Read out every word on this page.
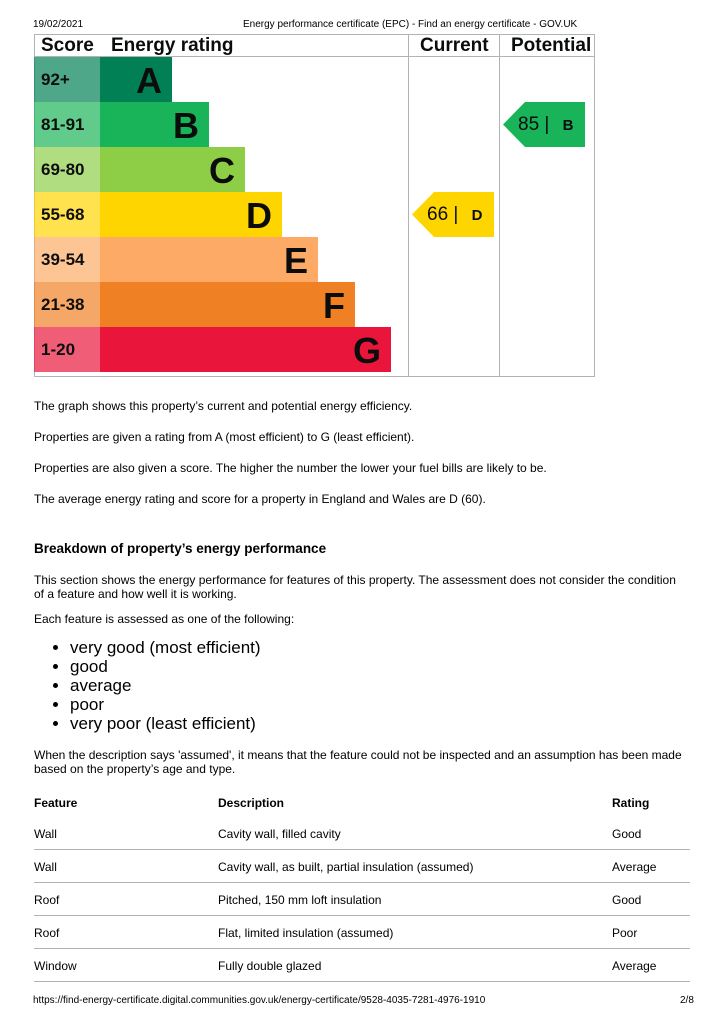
19/02/2021	Energy performance certificate (EPC) - Find an energy certificate - GOV.UK
Score Energy rating	Current Potential
92+	A
81-91	B
69-80	C
55-68	D
39-54	E
21-38	F
1-20	G
66 | D
85 | B
The graph shows this property’s current and potential energy efficiency.
Properties are given a rating from A (most efficient) to G (least efficient).
Properties are also given a score. The higher the number the lower your fuel bills are likely to be.
The average energy rating and score for a property in England and Wales are D (60).
Breakdown of property’s energy performance
This section shows the energy performance for features of this property. The assessment does not consider the condition of a feature and how well it is working.
Each feature is assessed as one of the following:
• very good (most efficient)
• good
• average
• poor
• very poor (least efficient)
When the description says 'assumed', it means that the feature could not be inspected and an assumption has been made based on the property’s age and type.
Feature	Description	Rating
Wall	Cavity wall, filled cavity	Good
Wall	Cavity wall, as built, partial insulation (assumed)	Average
Roof	Pitched, 150 mm loft insulation	Good
Roof	Flat, limited insulation (assumed)	Poor
Window	Fully double glazed	Average
https://find-energy-certificate.digital.communities.gov.uk/energy-certificate/9528-4035-7281-4976-1910	2/8
